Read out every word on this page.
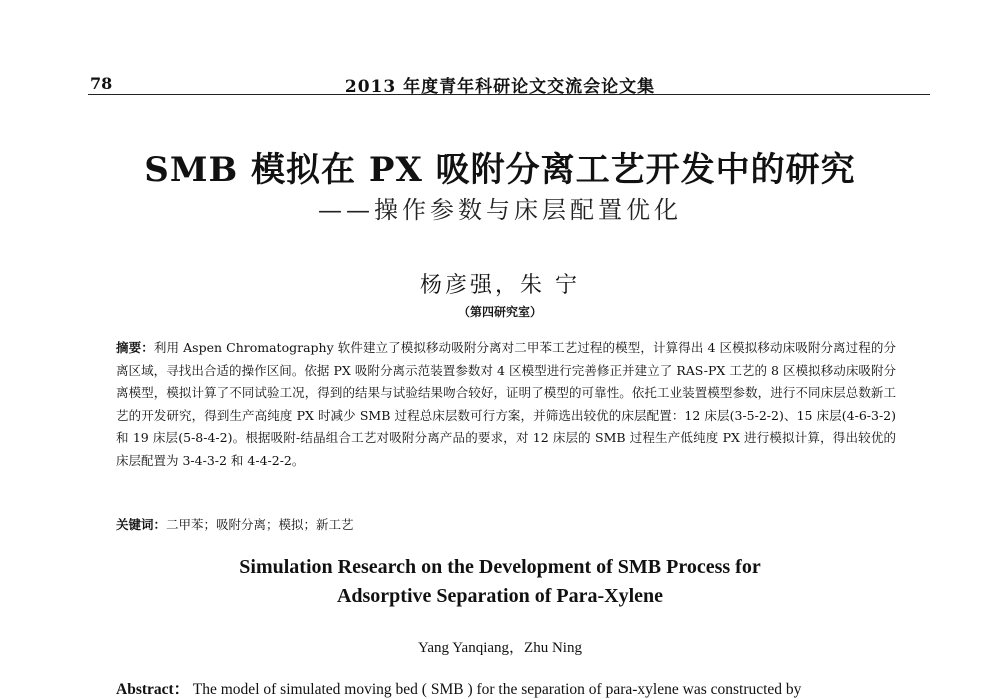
78	2013 年度青年科研论文交流会论文集
SMB 模拟在 PX 吸附分离工艺开发中的研究
——操作参数与床层配置优化
杨彦强，朱 宁
（第四研究室）
摘要：利用 Aspen Chromatography 软件建立了模拟移动吸附分离对二甲苯工艺过程的模型，计算得出 4 区模拟移动床吸附分离过程的分离区域，寻找出合适的操作区间。依据 PX 吸附分离示范装置参数对 4 区模型进行完善修正并建立了 RAS-PX 工艺的 8 区模拟移动床吸附分离模型，模拟计算了不同试验工况，得到的结果与试验结果吻合较好，证明了模型的可靠性。依托工业装置模型参数，进行不同床层总数新工艺的开发研究，得到生产高纯度 PX 时减少 SMB 过程总床层数可行方案，并筛选出较优的床层配置：12 床层(3-5-2-2)、15 床层(4-6-3-2) 和 19 床层(5-8-4-2)。根据吸附-结晶组合工艺对吸附分离产品的要求，对 12 床层的 SMB 过程生产低纯度 PX 进行模拟计算，得出较优的床层配置为 3-4-3-2 和 4-4-2-2。
关键词：二甲苯；吸附分离；模拟；新工艺
Simulation Research on the Development of SMB Process for
Adsorptive Separation of Para-Xylene
Yang Yanqiang，Zhu Ning
Abstract： The model of simulated moving bed ( SMB ) for the separation of para-xylene was constructed by
